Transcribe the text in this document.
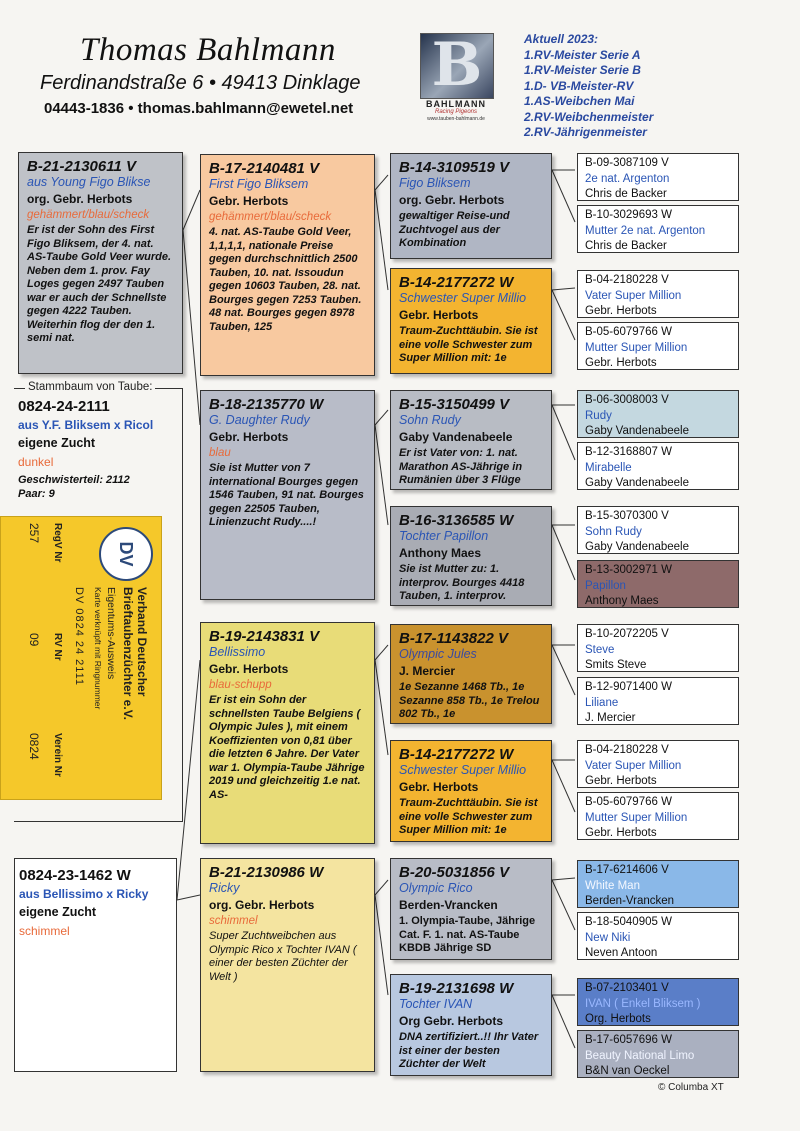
Thomas Bahlmann
Ferdinandstraße 6 • 49413 Dinklage
04443-1836 • thomas.bahlmann@ewetel.net
B
BAHLMANN
Racing Pigeons
www.tauben-bahlmann.de
Aktuell 2023:
1.RV-Meister Serie A
1.RV-Meister Serie B
1.D- VB-Meister-RV
1.AS-Weibchen Mai
2.RV-Weibchenmeister
2.RV-Jährigenmeister
Stammbaum von Taube:
0824-24-2111
aus Y.F. Bliksem x Ricol
eigene Zucht
dunkel
Geschwisterteil: 2112
Paar: 9
DV
Verband Deutscher
Brieftaubenzüchter e.V.
Eigentums-Ausweis
Karte verknüpft mit Ringnummer
DV 0824 24 2111
RegV Nr
RV Nr
Verein Nr
257
09
0824
0824-23-1462 W
aus Bellissimo x Ricky
eigene Zucht
schimmel
B-21-2130611 V
aus Young Figo Blikse
org. Gebr. Herbots
gehämmert/blau/scheck
Er ist der Sohn des First Figo Bliksem, der 4. nat. AS-Taube Gold Veer wurde. Neben dem 1. prov. Fay Loges gegen 2497 Tauben war er auch der Schnellste gegen 4222 Tauben. Weiterhin flog der den 1. semi nat.
B-17-2140481 V
First Figo Bliksem
Gebr. Herbots
gehämmert/blau/scheck
4. nat. AS-Taube Gold Veer, 1,1,1,1, nationale Preise gegen durchschnittlich 2500 Tauben, 10. nat. Issoudun gegen 10603 Tauben, 28. nat. Bourges gegen 7253 Tauben. 48 nat. Bourges gegen 8978 Tauben, 125
B-18-2135770 W
G. Daughter Rudy
Gebr. Herbots
blau
Sie ist Mutter von 7 international Bourges gegen 1546 Tauben, 91 nat. Bourges gegen 22505 Tauben, Linienzucht Rudy....!
B-19-2143831 V
Bellissimo
Gebr. Herbots
blau-schupp
Er ist ein Sohn der schnellsten Taube Belgiens ( Olympic Jules ), mit einem Koeffizienten von 0,81 über die letzten 6 Jahre. Der Vater war 1. Olympia-Taube Jährige 2019 und gleichzeitig 1.e nat. AS-
B-21-2130986 W
Ricky
org. Gebr. Herbots
schimmel
Super Zuchtweibchen aus Olympic Rico x Tochter IVAN ( einer der besten Züchter der Welt )
B-14-3109519 V
Figo Bliksem
org. Gebr. Herbots
gewaltiger Reise-und Zuchtvogel aus der Kombination
B-14-2177272 W
Schwester Super Millio
Gebr. Herbots
Traum-Zuchttäubin. Sie ist eine volle Schwester zum Super Million mit: 1e
B-15-3150499 V
Sohn Rudy
Gaby Vandenabeele
Er ist Vater von: 1. nat. Marathon AS-Jährige in Rumänien über 3 Flüge
B-16-3136585 W
Tochter Papillon
Anthony Maes
Sie ist Mutter zu: 1. interprov. Bourges 4418 Tauben, 1. interprov.
B-17-1143822 V
Olympic Jules
J. Mercier
1e Sezanne 1468 Tb., 1e Sezanne 858 Tb., 1e Trelou 802 Tb., 1e
B-14-2177272 W
Schwester Super Millio
Gebr. Herbots
Traum-Zuchttäubin. Sie ist eine volle Schwester zum Super Million mit: 1e
B-20-5031856 V
Olympic Rico
Berden-Vrancken
1. Olympia-Taube, Jährige Cat. F. 1. nat. AS-Taube KBDB Jährige SD
B-19-2131698 W
Tochter IVAN
Org Gebr. Herbots
DNA zertifiziert..!! Ihr Vater ist einer der besten Züchter der Welt
B-09-3087109 V
2e nat. Argenton
Chris de Backer
B-10-3029693 W
Mutter 2e nat. Argenton
Chris de Backer
B-04-2180228 V
Vater Super Million
Gebr. Herbots
B-05-6079766 W
Mutter Super Million
Gebr. Herbots
B-06-3008003 V
Rudy
Gaby Vandenabeele
B-12-3168807 W
Mirabelle
Gaby Vandenabeele
B-15-3070300 V
Sohn Rudy
Gaby Vandenabeele
B-13-3002971 W
Papillon
Anthony Maes
B-10-2072205 V
Steve
Smits Steve
B-12-9071400 W
Liliane
J. Mercier
B-04-2180228 V
Vater Super Million
Gebr. Herbots
B-05-6079766 W
Mutter Super Million
Gebr. Herbots
B-17-6214606 V
White Man
Berden-Vrancken
B-18-5040905 W
New Niki
Neven Antoon
B-07-2103401 V
IVAN ( Enkel Bliksem )
Org. Herbots
B-17-6057696 W
Beauty National Limo
B&N van Oeckel
© Columba XT
